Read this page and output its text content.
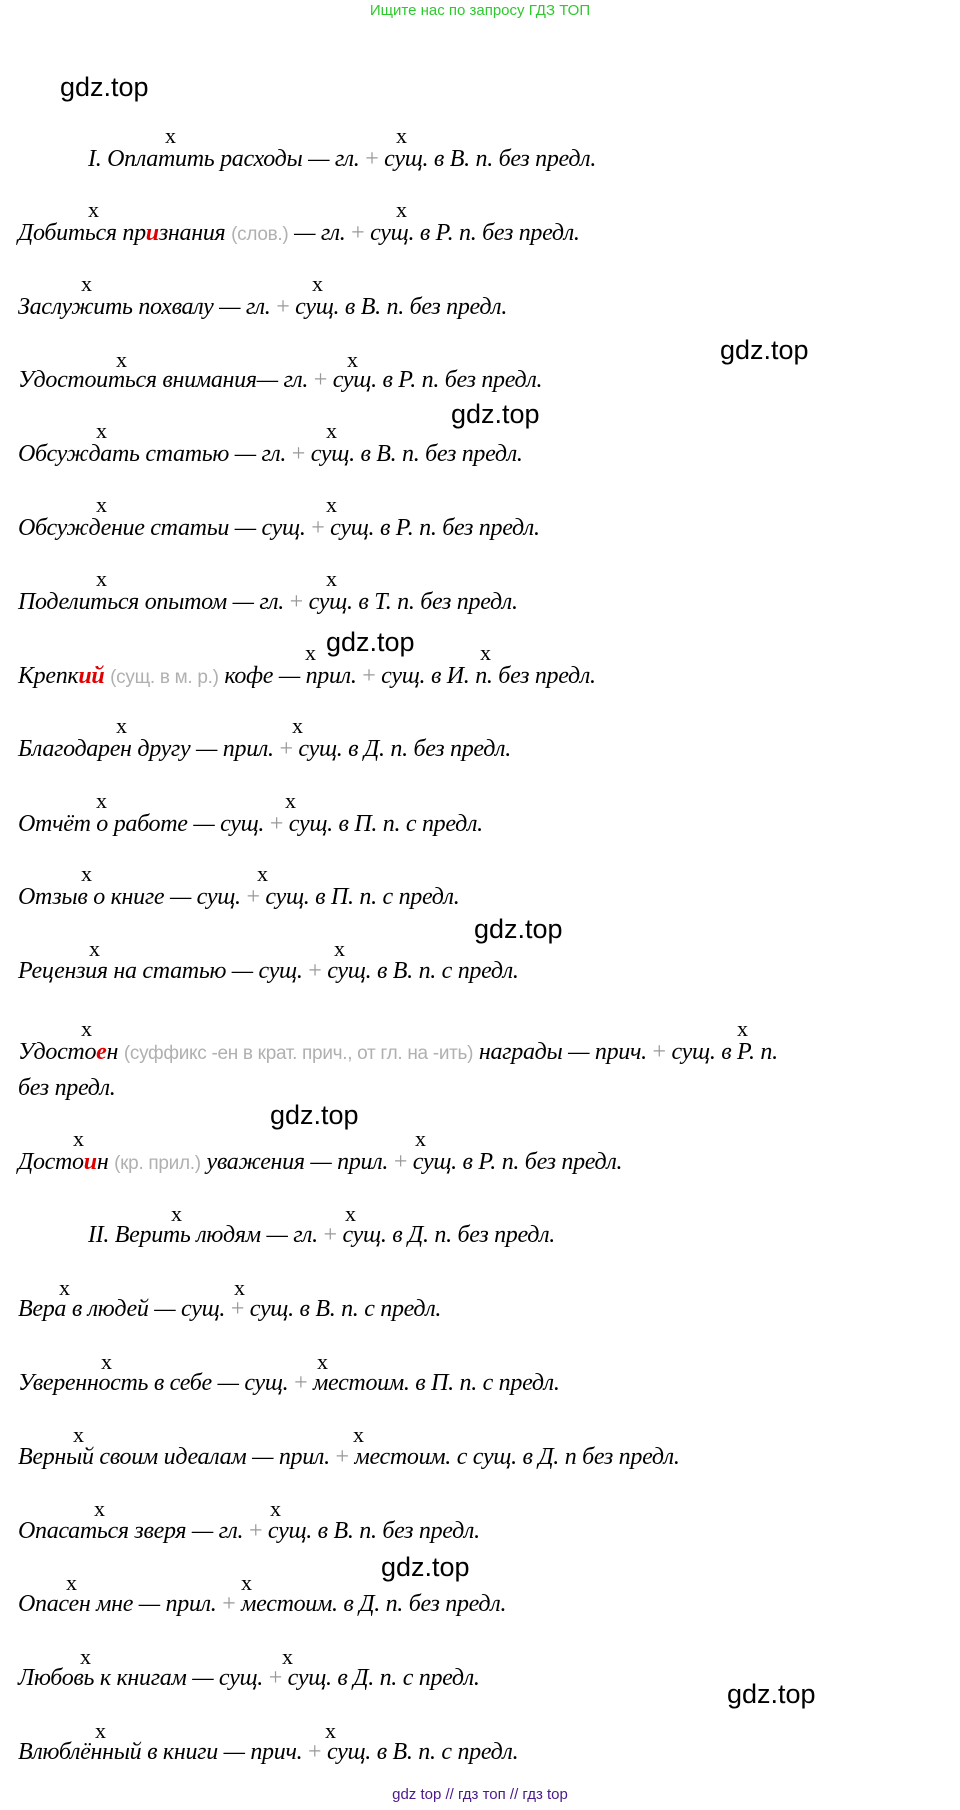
Ищите нас по запросу ГДЗ ТОП
gdz.top
gdz.top
gdz.top
gdz.top
gdz.top
gdz.top
gdz.top
gdz.top
x	x
x	x
x	x
x	x
x	x
x	x
x	x
x	x
x	x
x	x
x	x
x	x
x	x
x	x
x	x
x	x
x	x
x	x
x	x
x	x
x	x
x	x
I. Оплатить расходы — гл. + сущ. в В. п. без предл.
Добиться признания (слов.) — гл. + сущ. в Р. п. без предл.
Заслужить похвалу — гл. + сущ. в В. п. без предл.
Удостоиться внимания— гл. + сущ. в Р. п. без предл.
Обсуждать статью — гл. + сущ. в В. п. без предл.
Обсуждение статьи — сущ. + сущ. в Р. п. без предл.
Поделиться опытом — гл. + сущ. в Т. п. без предл.
Крепкий (сущ. в м. р.) кофе — прил. + сущ. в И. п. без предл.
Благодарен другу — прил. + сущ. в Д. п. без предл.
Отчёт о работе — сущ. + сущ. в П. п. с предл.
Отзыв о книге — сущ. + сущ. в П. п. с предл.
Рецензия на статью — сущ. + сущ. в В. п. с предл.
Удостоен (суффикс -ен в крат. прич., от гл. на -ить) награды — прич. + сущ. в Р. п.
без предл.
Достоин (кр. прил.) уважения — прил. + сущ. в Р. п. без предл.
II. Верить людям — гл. + сущ. в Д. п. без предл.
Вера в людей — сущ. + сущ. в В. п. с предл.
Уверенность в себе — сущ. + местоим. в П. п. с предл.
Верный своим идеалам — прил. + местоим. с сущ. в Д. п без предл.
Опасаться зверя — гл. + сущ. в В. п. без предл.
Опасен мне — прил. + местоим. в Д. п. без предл.
Любовь к книгам — сущ. + сущ. в Д. п. с предл.
Влюблённый в книги — прич. + сущ. в В. п. с предл.
gdz top // гдз топ // гдз top
